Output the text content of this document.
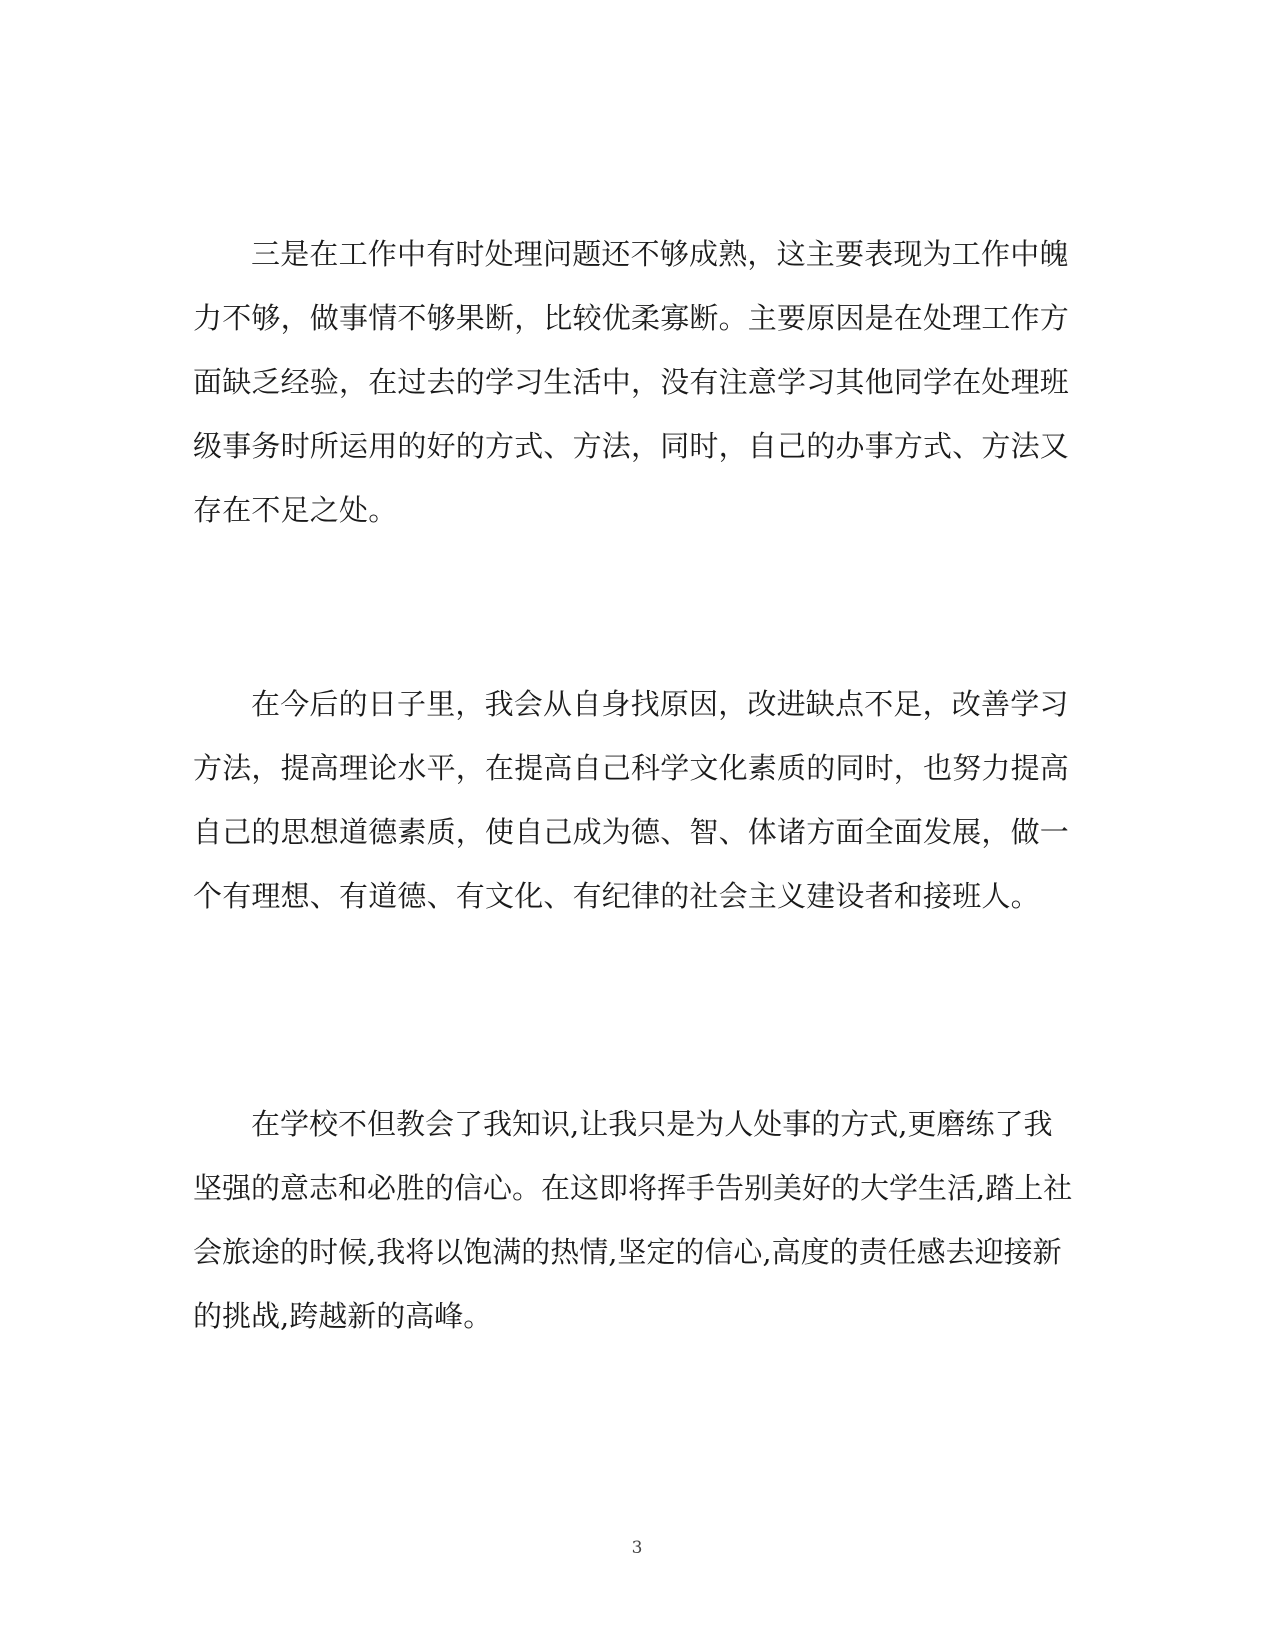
三是在工作中有时处理问题还不够成熟，这主要表现为工作中魄
力不够，做事情不够果断，比较优柔寡断。主要原因是在处理工作方
面缺乏经验，在过去的学习生活中，没有注意学习其他同学在处理班
级事务时所运用的好的方式、方法，同时，自己的办事方式、方法又
存在不足之处。
在今后的日子里，我会从自身找原因，改进缺点不足，改善学习
方法，提高理论水平，在提高自己科学文化素质的同时，也努力提高
自己的思想道德素质，使自己成为德、智、体诸方面全面发展，做一
个有理想、有道德、有文化、有纪律的社会主义建设者和接班人。
在学校不但教会了我知识,让我只是为人处事的方式,更磨练了我
坚强的意志和必胜的信心。在这即将挥手告别美好的大学生活,踏上社
会旅途的时候,我将以饱满的热情,坚定的信心,高度的责任感去迎接新
的挑战,跨越新的高峰。
3
